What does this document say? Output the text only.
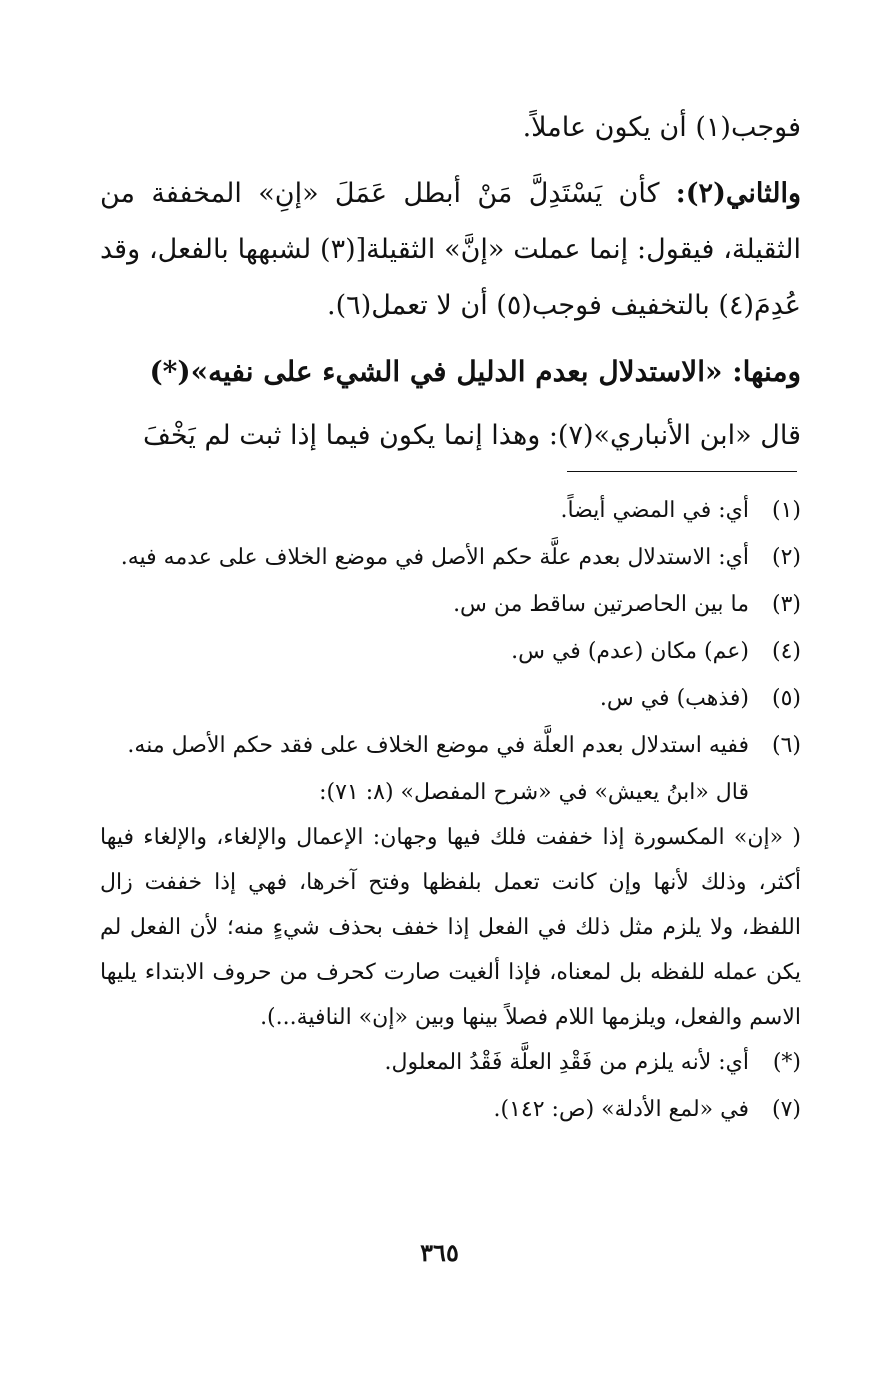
فوجب(١) أن يكون عاملاً.

والثاني(٢): كأن يَسْتَدِلَّ مَنْ أبطل عَمَلَ «إنِ» المخففة من الثقيلة، فيقول: إنما عملت «إنَّ» الثقيلة[(٣) لشبهها بالفعل، وقد عُدِمَ(٤) بالتخفيف فوجب(٥) أن لا تعمل(٦).

ومنها: «الاستدلال بعدم الدليل في الشيء على نفيه»(*)

قال «ابن الأنباري»(٧): وهذا إنما يكون فيما إذا ثبت لم يَخْفَ

(١)
أي: في المضي أيضاً.
(٢)
أي: الاستدلال بعدم علَّة حكم الأصل في موضع الخلاف على عدمه فيه.
(٣)
ما بين الحاصرتين ساقط من س.
(٤)
(عم) مكان (عدم) في س.
(٥)
(فذهب) في س.
(٦)
ففيه استدلال بعدم العلَّة في موضع الخلاف على فقد حكم الأصل منه.
قال «ابنُ يعيش» في «شرح المفصل» (٨: ٧١):
( «إن» المكسورة إذا خففت فلك فيها وجهان: الإعمال والإلغاء، والإلغاء فيها أكثر، وذلك لأنها وإن كانت تعمل بلفظها وفتح آخرها، فهي إذا خففت زال اللفظ، ولا يلزم مثل ذلك في الفعل إذا خفف بحذف شيءٍ منه؛ لأن الفعل لم يكن عمله للفظه بل لمعناه، فإذا ألغيت صارت كحرف من حروف الابتداء يليها الاسم والفعل، ويلزمها اللام فصلاً بينها وبين «إن» النافية...).
(*)
أي: لأنه يلزم من فَقْدِ العلَّة فَقْدُ المعلول.
(٧)
في «لمع الأدلة» (ص: ١٤٢).
٣٦٥
